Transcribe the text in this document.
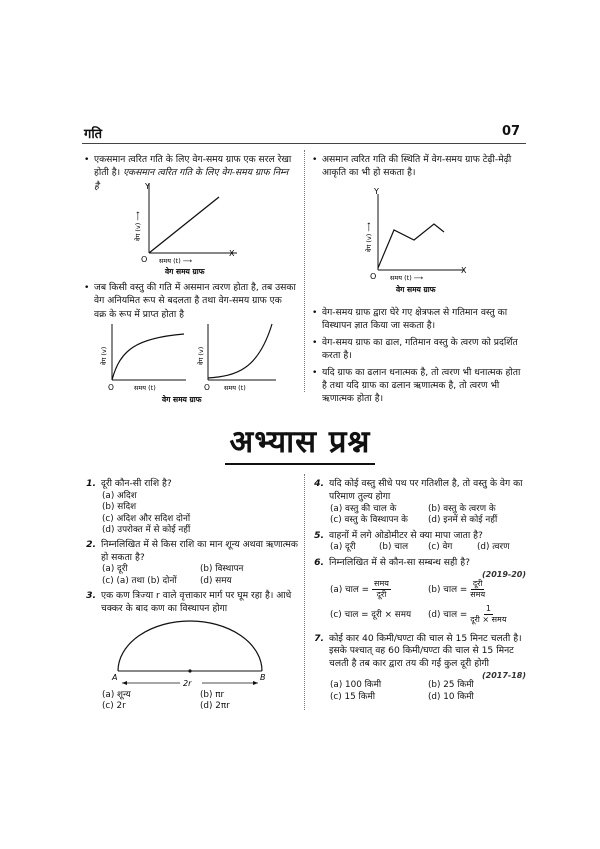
गति	07
• एकसमान त्वरित गति के लिए वेग-समय ग्राफ एक सरल रेखा होती है। एकसमान त्वरित गति के लिए वेग-समय ग्राफ निम्न है	Y
वेग (v) ⟶
O समय (t) ⟶
X
वेग समय ग्राफ
• जब किसी वस्तु की गति में असमान त्वरण होता है, तब उसका वेग अनियमित रूप से बदलता है तथा वेग-समय ग्राफ एक वक्र के रूप में प्राप्त होता है
वेग (v)
O	समय (t)
वेग (v)
O समय (t)
वेग समय ग्राफ
• असमान त्वरित गति की स्थिति में वेग-समय ग्राफ टेढ़ी-मेढ़ी आकृति का भी हो सकता है।
Y
वेग (v) ⟶
O समय (t) ⟶
X
वेग समय ग्राफ

• वेग-समय ग्राफ द्वारा घेरे गए क्षेत्रफल से गतिमान वस्तु का विस्थापन ज्ञात किया जा सकता है।

• वेग-समय ग्राफ का ढाल, गतिमान वस्तु के त्वरण को प्रदर्शित करता है।

• यदि ग्राफ का ढलान धनात्मक है, तो त्वरण भी धनात्मक होता है तथा यदि ग्राफ का ढलान ऋणात्मक है, तो त्वरण भी ऋणात्मक होता है।

अभ्यास प्रश्न
1. दूरी कौन-सी राशि है?
(a) अदिश
(b) सदिश
(c) अदिश और सदिश दोनों
(d) उपरोक्त में से कोई नहीं
2. निम्नलिखित में से किस राशि का मान शून्य अथवा ऋणात्मक हो सकता है?
(a) दूरी	(b) विस्थापन
(c) (a) तथा (b) दोनों	(d) समय
3. एक कण त्रिज्या r वाले वृत्ताकार मार्ग पर घूम रहा है। आधे चक्कर के बाद कण का विस्थापन होगा
A	B
2r
(a) शून्य	(b) πr
(c) 2r	(d) 2πr
4. यदि कोई वस्तु सीधे पथ पर गतिशील है, तो वस्तु के वेग का परिमाण तुल्य होगा
(a) वस्तु की चाल के	(b) वस्तु के त्वरण के
(c) वस्तु के विस्थापन के	(d) इनमें से कोई नहीं
5. वाहनों में लगे ओडोमीटर से क्या मापा जाता है?
(a) दूरी	(b) चाल	(c) वेग	(d) त्वरण
6. निम्नलिखित में से कौन-सा सम्बन्ध सही है?
(2019-20)
(a) चाल =
समय
दूरी	(b) चाल =
दूरी
समय
(c) चाल = दूरी × समय	(d) चाल =
1
दूरी × समय
7. कोई कार 40 किमी/घण्टा की चाल से 15 मिनट चलती है। इसके पश्चात् वह 60 किमी/घण्टा की चाल से 15 मिनट चलती है तब कार द्वारा तय की गई कुल दूरी होगी
(2017-18)
(a) 100 किमी	(b) 25 किमी
(c) 15 किमी	(d) 10 किमी
